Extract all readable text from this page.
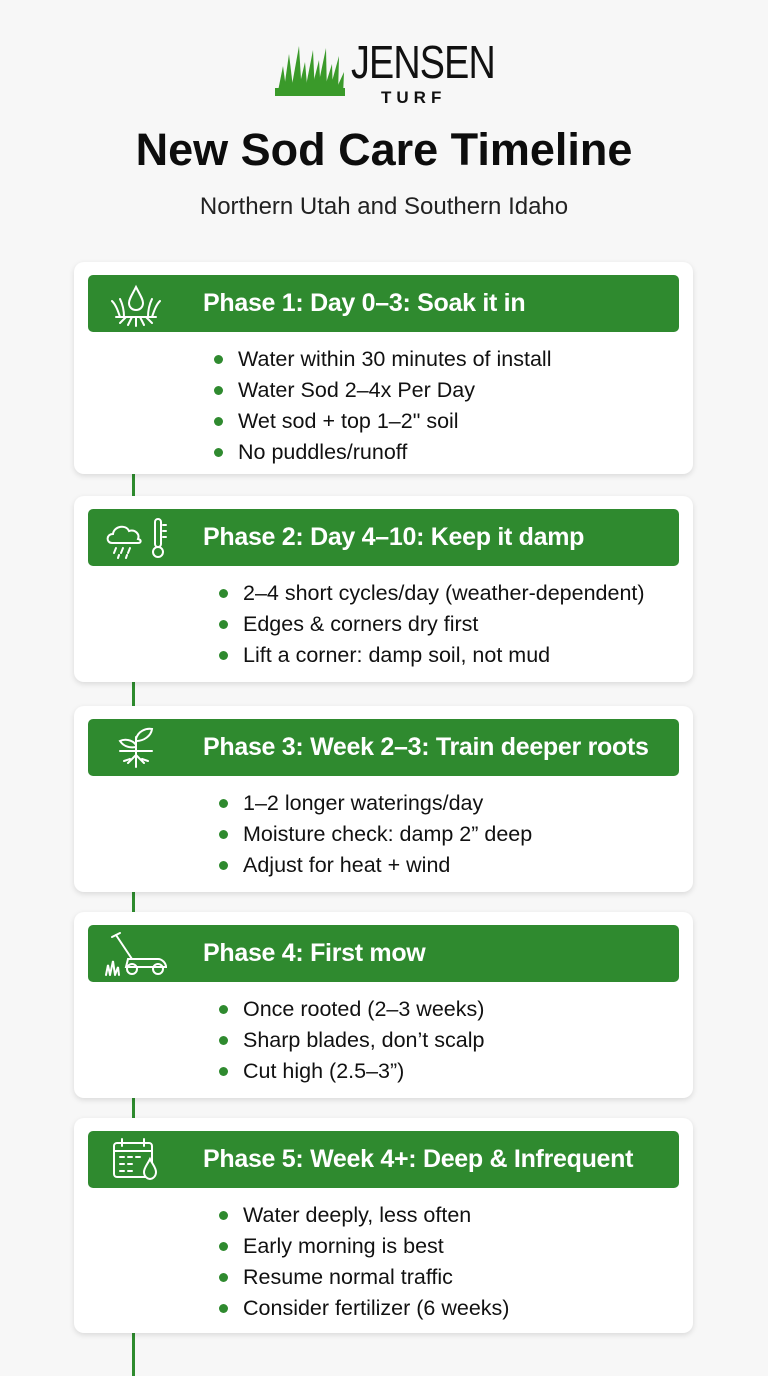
JENSEN
TURF
New Sod Care Timeline
Northern Utah and Southern Idaho
Phase 1: Day 0–3: Soak it in
Water within 30 minutes of install
Water Sod 2–4x Per Day
Wet sod + top 1–2" soil
No puddles/runoff
Phase 2: Day 4–10: Keep it damp
2–4 short cycles/day (weather-dependent)
Edges & corners dry first
Lift a corner: damp soil, not mud
Phase 3: Week 2–3: Train deeper roots
1–2 longer waterings/day
Moisture check: damp 2” deep
Adjust for heat + wind
Phase 4: First mow
Once rooted (2–3 weeks)
Sharp blades, don’t scalp
Cut high (2.5–3”)
Phase 5: Week 4+: Deep & Infrequent
Water deeply, less often
Early morning is best
Resume normal traffic
Consider fertilizer (6 weeks)
